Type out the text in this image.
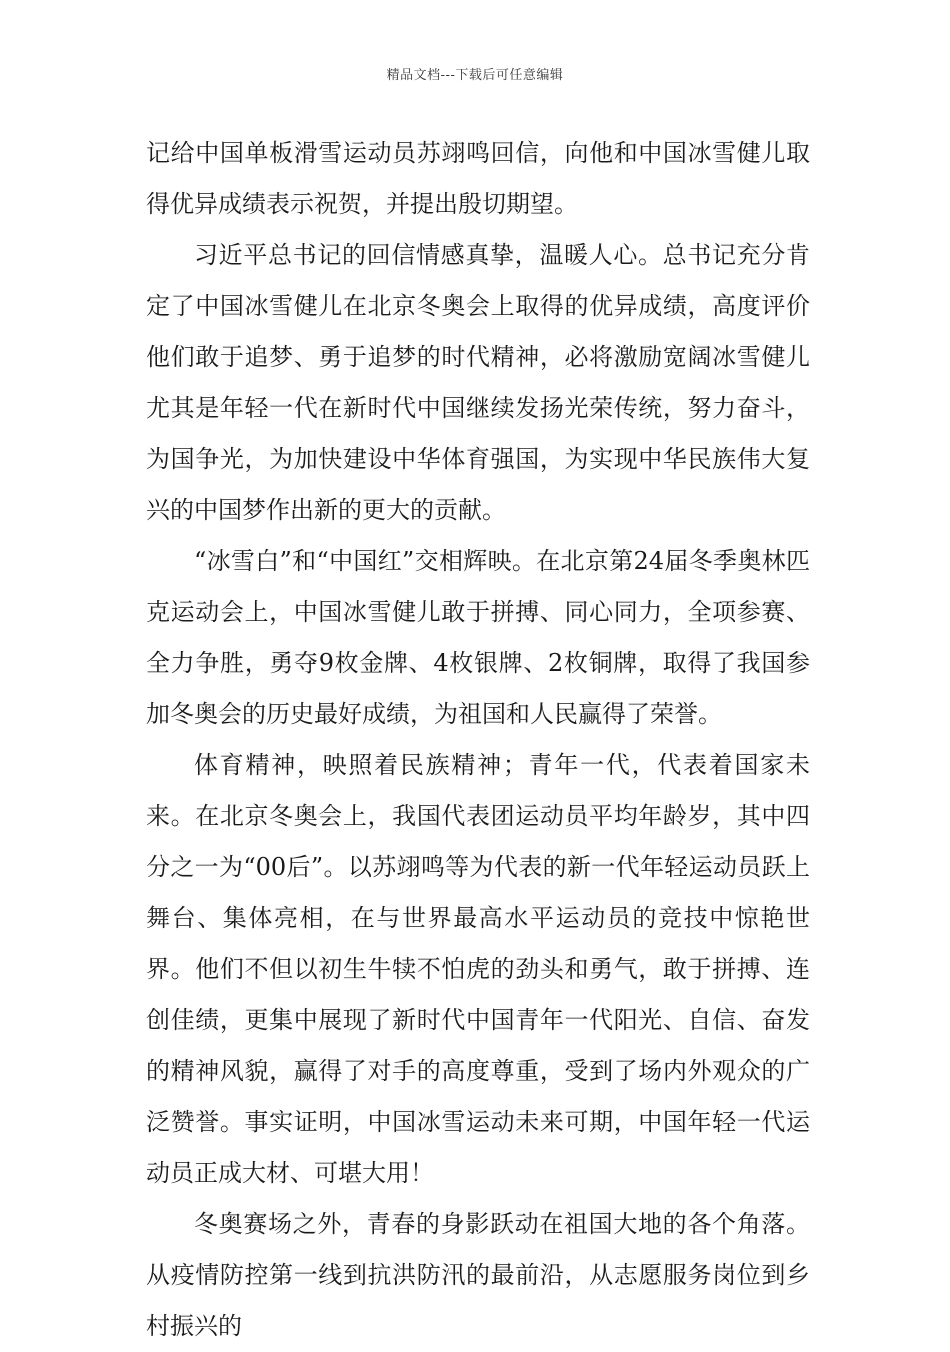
精品文档---下载后可任意编辑

记给中国单板滑雪运动员苏翊鸣回信，向他和中国冰雪健儿取得优异成绩表示祝贺，并提出殷切期望。

习近平总书记的回信情感真挚，温暖人心。总书记充分肯定了中国冰雪健儿在北京冬奥会上取得的优异成绩，高度评价他们敢于追梦、勇于追梦的时代精神，必将激励宽阔冰雪健儿尤其是年轻一代在新时代中国继续发扬光荣传统，努力奋斗，为国争光，为加快建设中华体育强国，为实现中华民族伟大复兴的中国梦作出新的更大的贡献。

“冰雪白”和“中国红”交相辉映。在北京第24届冬季奥林匹克运动会上，中国冰雪健儿敢于拼搏、同心同力，全项参赛、全力争胜，勇夺9枚金牌、4枚银牌、2枚铜牌，取得了我国参加冬奥会的历史最好成绩，为祖国和人民赢得了荣誉。

体育精神，映照着民族精神；青年一代，代表着国家未来。在北京冬奥会上，我国代表团运动员平均年龄岁，其中四分之一为“00后”。以苏翊鸣等为代表的新一代年轻运动员跃上舞台、集体亮相，在与世界最高水平运动员的竞技中惊艳世界。他们不但以初生牛犊不怕虎的劲头和勇气，敢于拼搏、连创佳绩，更集中展现了新时代中国青年一代阳光、自信、奋发的精神风貌，赢得了对手的高度尊重，受到了场内外观众的广泛赞誉。事实证明，中国冰雪运动未来可期，中国年轻一代运动员正成大材、可堪大用！

冬奥赛场之外，青春的身影跃动在祖国大地的各个角落。从疫情防控第一线到抗洪防汛的最前沿，从志愿服务岗位到乡村振兴的
